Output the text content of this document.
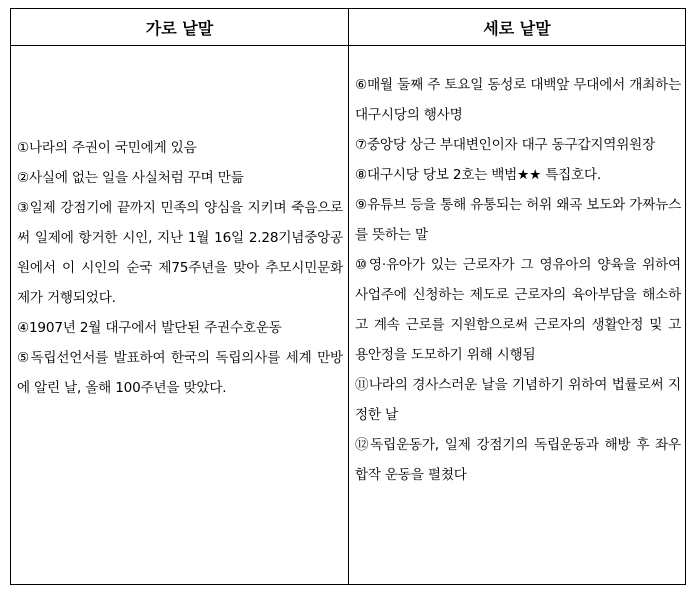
가로 낱말	세로 낱말

①나라의 주권이 국민에게 있음

②사실에 없는 일을 사실처럼 꾸며 만듦

③일제 강점기에 끝까지 민족의 양심을 지키며 죽음으로써 일제에 항거한 시인, 지난 1월 16일 2.28기념중앙공원에서 이 시인의 순국 제75주년을 맞아 추모시민문화제가 거행되었다.

④1907년 2월 대구에서 발단된 주권수호운동

⑤독립선언서를 발표하여 한국의 독립의사를 세계 만방에 알린 날, 올해 100주년을 맞았다.

⑥매월 둘째 주 토요일 동성로 대백앞 무대에서 개최하는 대구시당의 행사명

⑦중앙당 상근 부대변인이자 대구 동구갑지역위원장

⑧대구시당 당보 2호는 백범★★ 특집호다.

⑨유튜브 등을 통해 유통되는 허위 왜곡 보도와 가짜뉴스를 뜻하는 말

⑩영·유아가 있는 근로자가 그 영유아의 양육을 위하여 사업주에 신청하는 제도로 근로자의 육아부담을 해소하고 계속 근로를 지원함으로써 근로자의 생활안정 및 고용안정을 도모하기 위해 시행됨

⑪나라의 경사스러운 날을 기념하기 위하여 법률로써 지정한 날

⑫독립운동가, 일제 강점기의 독립운동과 해방 후 좌우 합작 운동을 펼쳤다
